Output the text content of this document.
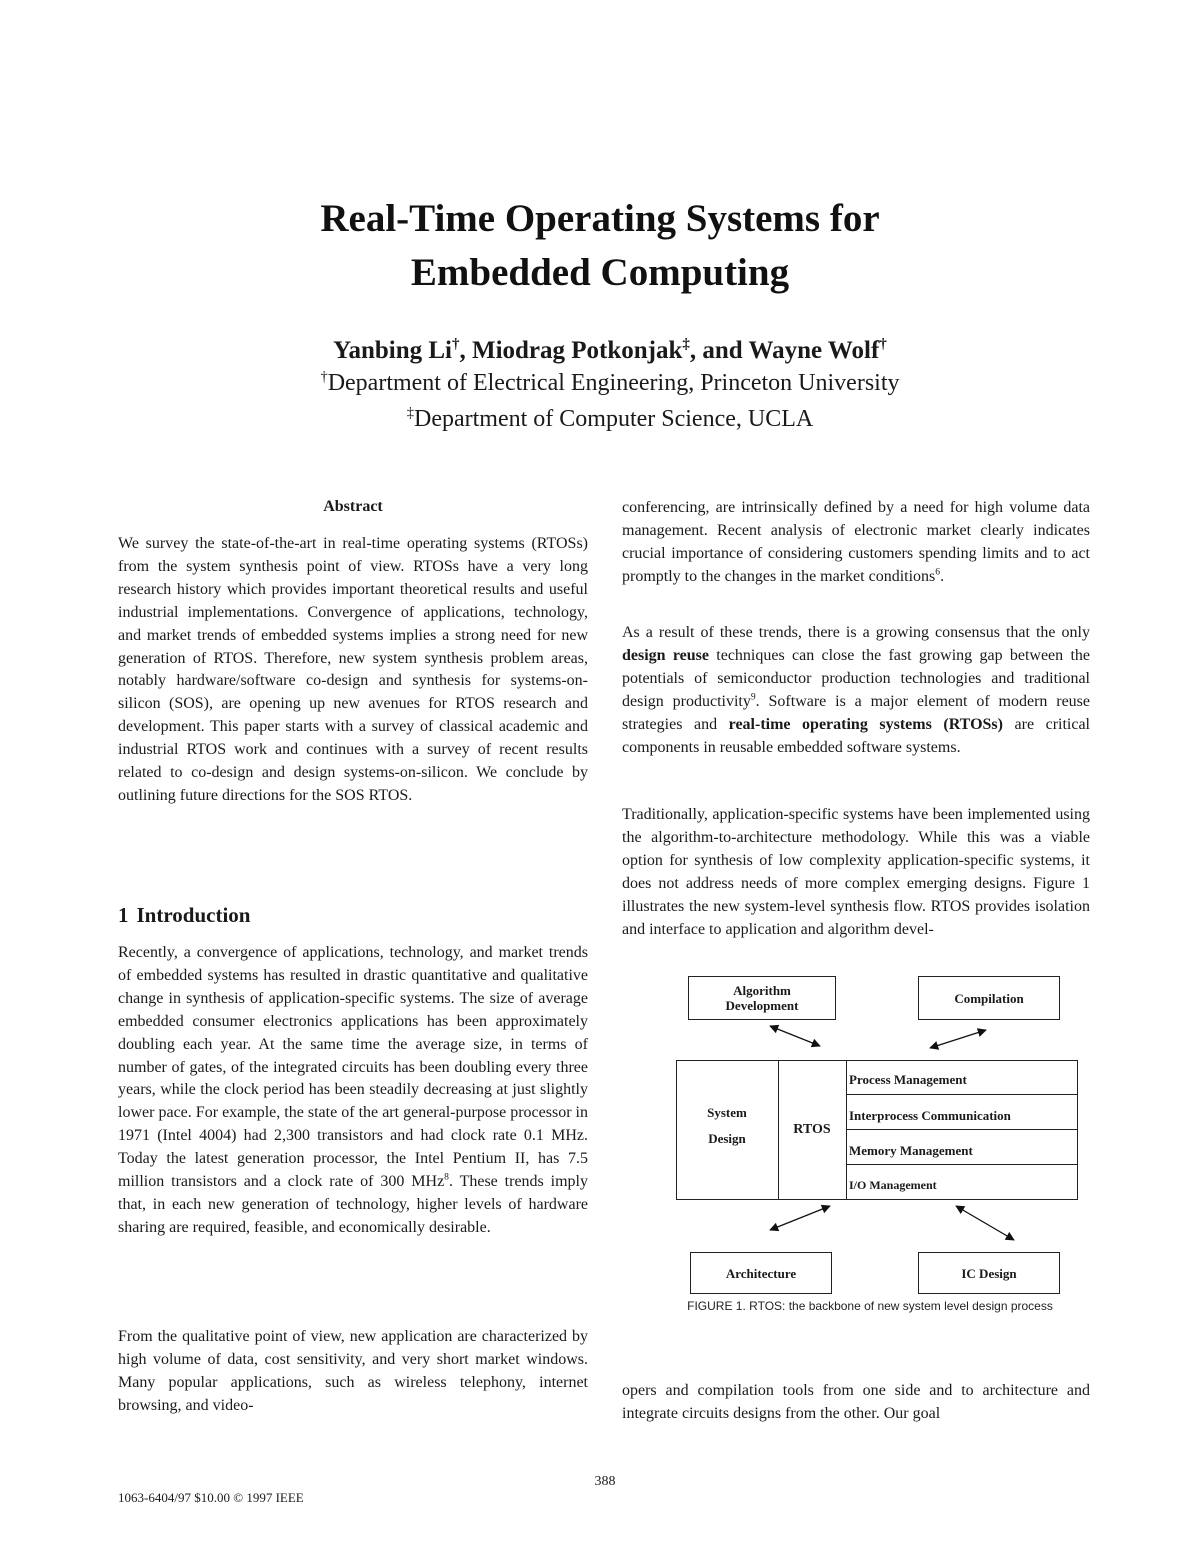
Real-Time Operating Systems for
Embedded Computing
Yanbing Li†, Miodrag Potkonjak‡, and Wayne Wolf†
†Department of Electrical Engineering, Princeton University
‡Department of Computer Science, UCLA
Abstract

We survey the state-of-the-art in real-time operating systems (RTOSs) from the system synthesis point of view. RTOSs have a very long research history which provides important theoretical results and useful industrial implementations. Convergence of applications, technology, and market trends of embedded systems implies a strong need for new generation of RTOS. Therefore, new system synthesis problem areas, notably hardware/software co-design and synthesis for systems-on-silicon (SOS), are opening up new avenues for RTOS research and development. This paper starts with a survey of classical academic and industrial RTOS work and continues with a survey of recent results related to co-design and design systems-on-silicon. We conclude by outlining future directions for the SOS RTOS.

1 Introduction

Recently, a convergence of applications, technology, and market trends of embedded systems has resulted in drastic quantitative and qualitative change in synthesis of application-specific systems. The size of average embedded consumer electronics applications has been approximately doubling each year. At the same time the average size, in terms of number of gates, of the integrated circuits has been doubling every three years, while the clock period has been steadily decreasing at just slightly lower pace. For example, the state of the art general-purpose processor in 1971 (Intel 4004) had 2,300 transistors and had clock rate 0.1 MHz. Today the latest generation processor, the Intel Pentium II, has 7.5 million transistors and a clock rate of 300 MHz$^8$. These trends imply that, in each new generation of technology, higher levels of hardware sharing are required, feasible, and economically desirable.

From the qualitative point of view, new application are characterized by high volume of data, cost sensitivity, and very short market windows. Many popular applications, such as wireless telephony, internet browsing, and video-

conferencing, are intrinsically defined by a need for high volume data management. Recent analysis of electronic market clearly indicates crucial importance of considering customers spending limits and to act promptly to the changes in the market conditions$^6$.

As a result of these trends, there is a growing consensus that the only design reuse techniques can close the fast growing gap between the potentials of semiconductor production technologies and traditional design productivity$^9$. Software is a major element of modern reuse strategies and real-time operating systems (RTOSs) are critical components in reusable embedded software systems.

Traditionally, application-specific systems have been implemented using the algorithm-to-architecture methodology. While this was a viable option for synthesis of low complexity application-specific systems, it does not address needs of more complex emerging designs. Figure 1 illustrates the new system-level synthesis flow. RTOS provides isolation and interface to application and algorithm devel-

Algorithm
Development	Compilation
System
Design
RTOS
Process Management
Interprocess Communication
Memory Management
I/O Management
Architecture	IC Design
FIGURE 1. RTOS: the backbone of new system level design process

opers and compilation tools from one side and to architecture and integrate circuits designs from the other. Our goal

388
1063-6404/97 $10.00 © 1997 IEEE
